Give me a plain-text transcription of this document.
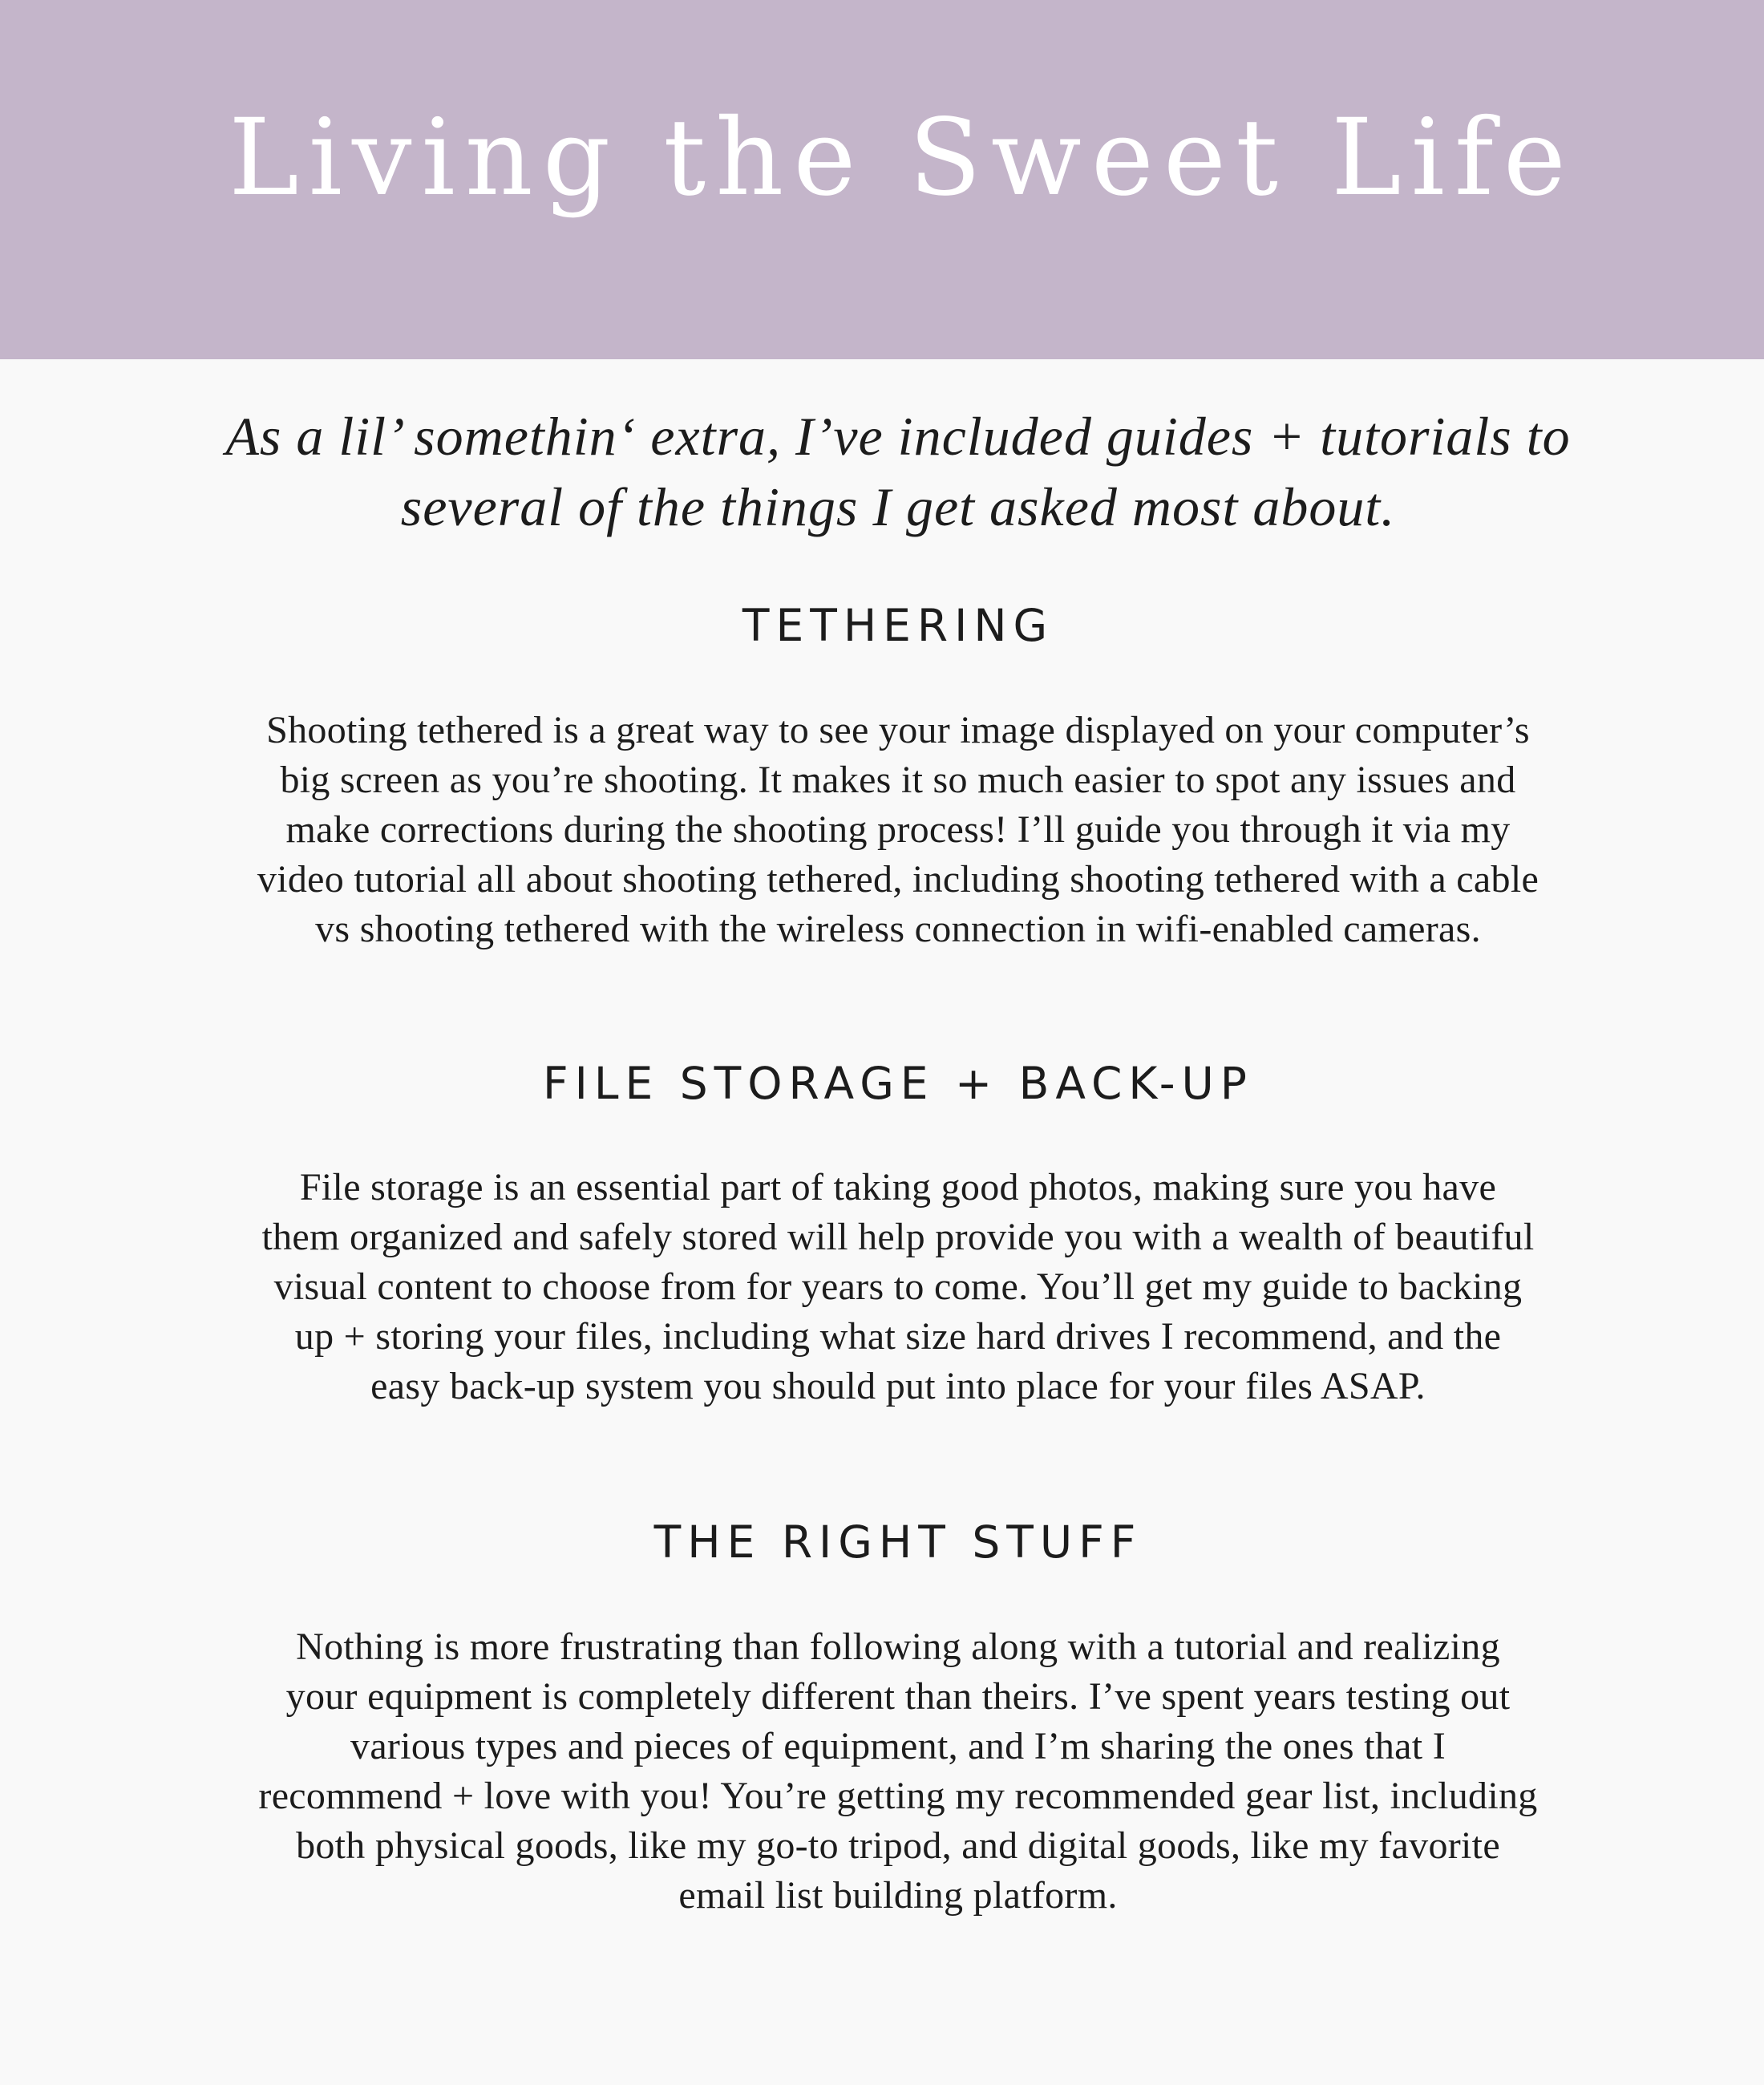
Living the Sweet Life

As a lil’ somethin‘ extra, I’ve included guides + tutorials to several of the things I get asked most about.

TETHERING

Shooting tethered is a great way to see your image displayed on your computer’s big screen as you’re shooting. It makes it so much easier to spot any issues and make corrections during the shooting process! I’ll guide you through it via my video tutorial all about shooting tethered, including shooting tethered with a cable vs shooting tethered with the wireless connection in wifi-enabled cameras.

FILE STORAGE + BACK-UP

File storage is an essential part of taking good photos, making sure you have them organized and safely stored will help provide you with a wealth of beautiful visual content to choose from for years to come. You’ll get my guide to backing up + storing your files, including what size hard drives I recommend, and the easy back-up system you should put into place for your files ASAP.

THE RIGHT STUFF

Nothing is more frustrating than following along with a tutorial and realizing your equipment is completely different than theirs. I’ve spent years testing out various types and pieces of equipment, and I’m sharing the ones that I recommend + love with you! You’re getting my recommended gear list, including both physical goods, like my go-to tripod, and digital goods, like my favorite email list building platform.
